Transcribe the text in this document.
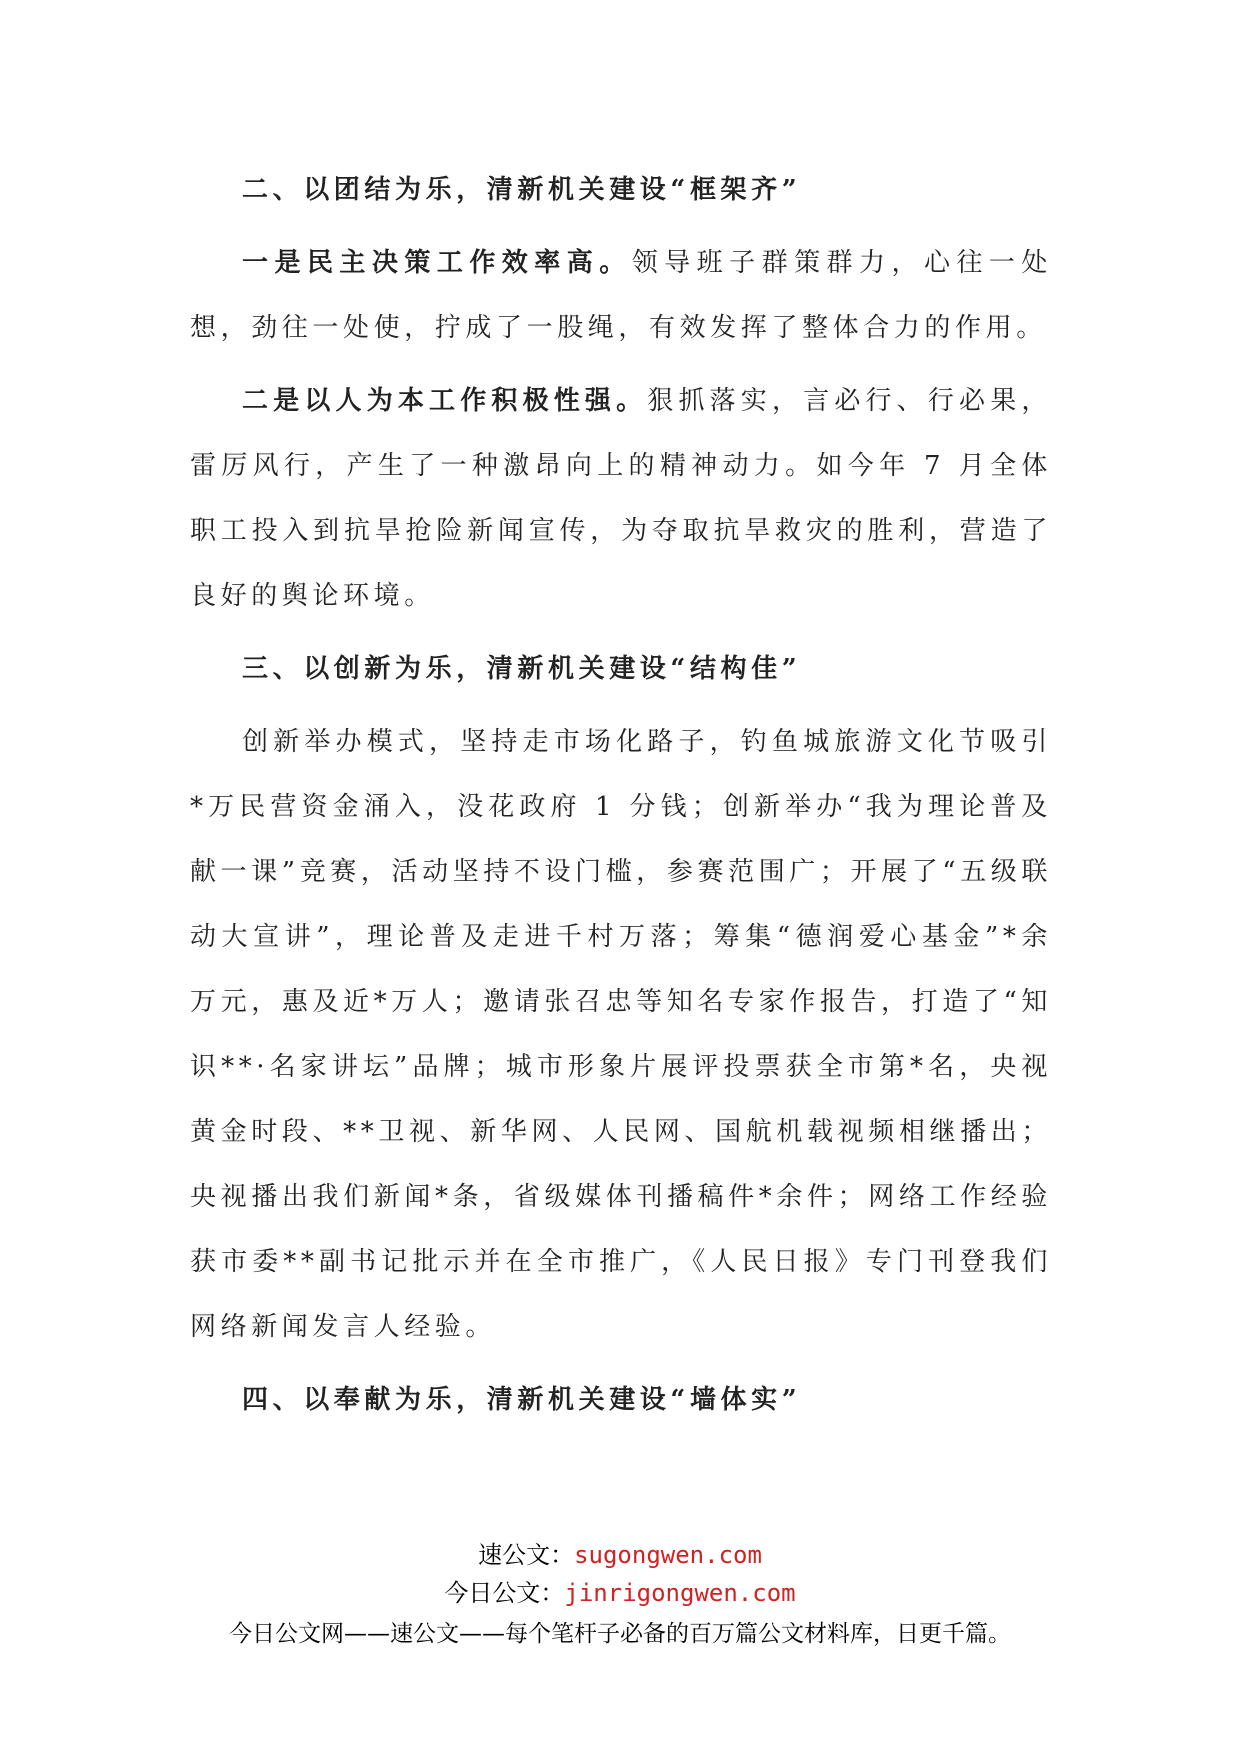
二、以团结为乐，清新机关建设“框架齐”

一是民主决策工作效率高。领导班子群策群力，心往一处想，劲往一处使，拧成了一股绳，有效发挥了整体合力的作用。

二是以人为本工作积极性强。狠抓落实，言必行、行必果，雷厉风行，产生了一种激昂向上的精神动力。如今年 7 月全体职工投入到抗旱抢险新闻宣传，为夺取抗旱救灾的胜利，营造了良好的舆论环境。

三、以创新为乐，清新机关建设“结构佳”

创新举办模式，坚持走市场化路子，钓鱼城旅游文化节吸引*万民营资金涌入，没花政府 1 分钱；创新举办“我为理论普及献一课”竞赛，活动坚持不设门槛，参赛范围广；开展了“五级联动大宣讲”，理论普及走进千村万落；筹集“德润爱心基金”*余万元，惠及近*万人；邀请张召忠等知名专家作报告，打造了“知识**·名家讲坛”品牌；城市形象片展评投票获全市第*名，央视黄金时段、**卫视、新华网、人民网、国航机载视频相继播出；央视播出我们新闻*条，省级媒体刊播稿件*余件；网络工作经验获市委**副书记批示并在全市推广，《人民日报》专门刊登我们网络新闻发言人经验。

四、以奉献为乐，清新机关建设“墙体实”

速公文：sugongwen.com
今日公文：jinrigongwen.com
今日公文网——速公文——每个笔杆子必备的百万篇公文材料库，日更千篇。
